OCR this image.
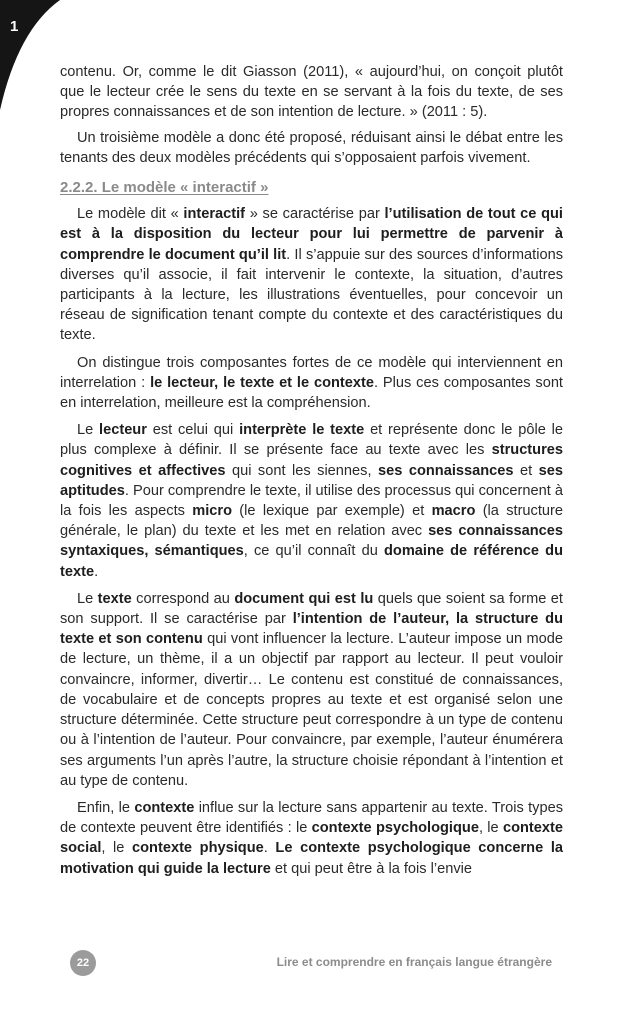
1

contenu. Or, comme le dit Giasson (2011), « aujourd’hui, on conçoit plutôt que le lecteur crée le sens du texte en se servant à la fois du texte, de ses propres connaissances et de son intention de lecture. » (2011 : 5).

Un troisième modèle a donc été proposé, réduisant ainsi le débat entre les tenants des deux modèles précédents qui s’opposaient parfois vivement.

2.2.2. Le modèle « interactif »

Le modèle dit « interactif » se caractérise par l’utilisation de tout ce qui est à la disposition du lecteur pour lui permettre de parvenir à comprendre le document qu’il lit. Il s’appuie sur des sources d’informations diverses qu’il associe, il fait intervenir le contexte, la situation, d’autres participants à la lecture, les illustrations éventuelles, pour concevoir un réseau de signification tenant compte du contexte et des caractéristiques du texte.

On distingue trois composantes fortes de ce modèle qui interviennent en interrelation : le lecteur, le texte et le contexte. Plus ces composantes sont en interrelation, meilleure est la compréhension.

Le lecteur est celui qui interprète le texte et représente donc le pôle le plus complexe à définir. Il se présente face au texte avec les structures cognitives et affectives qui sont les siennes, ses connaissances et ses aptitudes. Pour comprendre le texte, il utilise des processus qui concernent à la fois les aspects micro (le lexique par exemple) et macro (la structure générale, le plan) du texte et les met en relation avec ses connaissances syntaxiques, sémantiques, ce qu’il connaît du domaine de référence du texte.

Le texte correspond au document qui est lu quels que soient sa forme et son support. Il se caractérise par l’intention de l’auteur, la structure du texte et son contenu qui vont influencer la lecture. L’auteur impose un mode de lecture, un thème, il a un objectif par rapport au lecteur. Il peut vouloir convaincre, informer, divertir… Le contenu est constitué de connaissances, de vocabulaire et de concepts propres au texte et est organisé selon une structure déterminée. Cette structure peut correspondre à un type de contenu ou à l’intention de l’auteur. Pour convaincre, par exemple, l’auteur énumérera ses arguments l’un après l’autre, la structure choisie répondant à l’intention et au type de contenu.

Enfin, le contexte influe sur la lecture sans appartenir au texte. Trois types de contexte peuvent être identifiés : le contexte psychologique, le contexte social, le contexte physique. Le contexte psychologique concerne la motivation qui guide la lecture et qui peut être à la fois l’envie

22	Lire et comprendre en français langue étrangère
